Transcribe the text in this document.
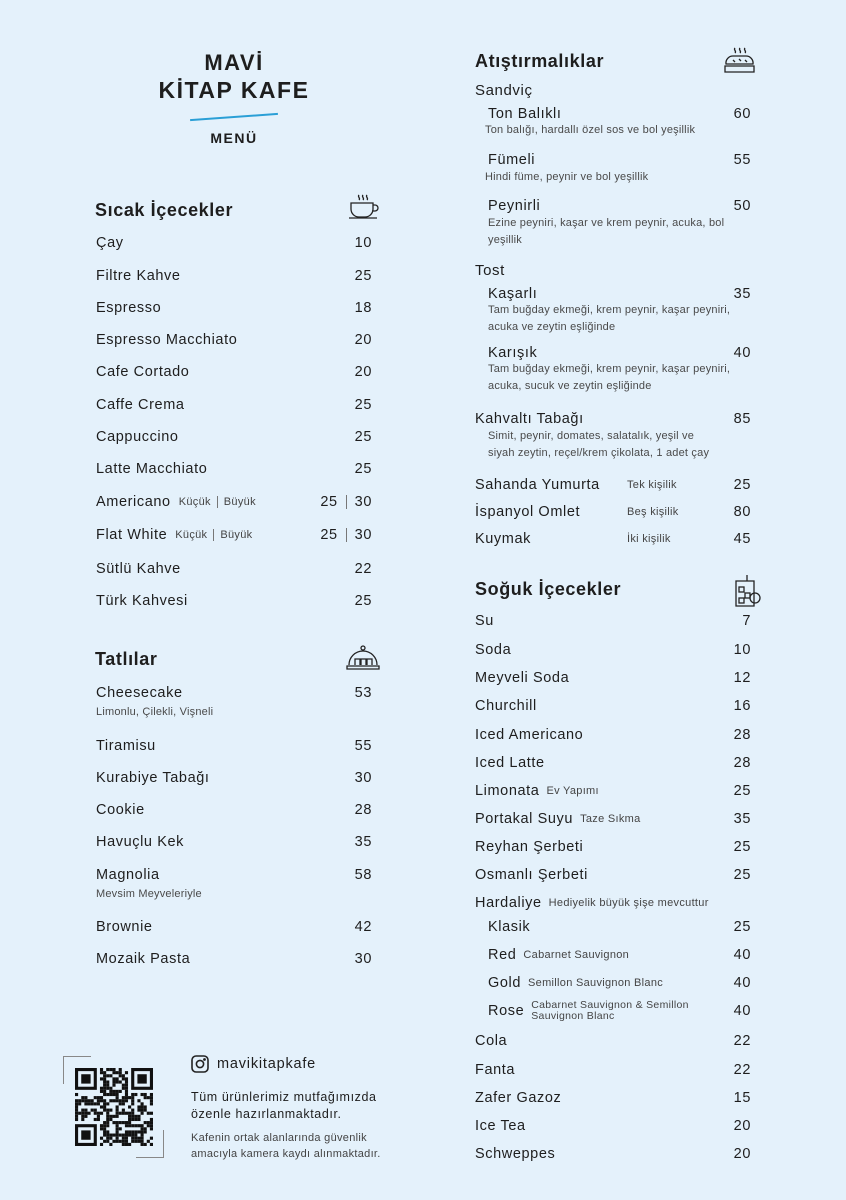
MAVİ
KİTAP KAFE
MENÜ
Sıcak İçecekler
Çay	10
Filtre Kahve	25
Espresso	18
Espresso Macchiato	20
Cafe Cortado	20
Caffe Crema	25
Cappuccino	25
Latte Macchiato	25
Americano Küçük Büyük	25 30
Flat White Küçük Büyük	25 30
Sütlü Kahve	22
Türk Kahvesi	25
Tatlılar
Cheesecake	53
Limonlu, Çilekli, Vişneli
Tiramisu	55
Kurabiye Tabağı	30
Cookie	28
Havuçlu Kek	35
Magnolia	58
Mevsim Meyveleriyle
Brownie	42
Mozaik Pasta	30
Atıştırmalıklar
Sandviç
Tost
Ton Balıklı	60
Fümeli	55
Peynirli	50
Ton balığı, hardallı özel sos ve bol yeşillik
Hindi füme, peynir ve bol yeşillik
Ezine peyniri, kaşar ve krem peynir, acuka, bol yeşillik
Kaşarlı	35
Tam buğday ekmeği, krem peynir, kaşar peyniri, acuka ve zeytin eşliğinde
Karışık	40
Tam buğday ekmeği, krem peynir, kaşar peyniri, acuka, sucuk ve zeytin eşliğinde
Kahvaltı Tabağı	85
Simit, peynir, domates, salatalık, yeşil ve siyah zeytin, reçel/krem çikolata, 1 adet çay
Sahanda Yumurta Tek kişilik	25
İspanyol Omlet	Beş kişilik	80
Kuymak	İki kişilik	45
Soğuk İçecekler
Su	7
Soda	10
Meyveli Soda	12
Churchill	16
Iced Americano	28
Iced Latte	28
Limonata Ev Yapımı	25
Portakal Suyu Taze Sıkma	35
Reyhan Şerbeti	25
Osmanlı Şerbeti	25
Hardaliye Hediyelik büyük şişe mevcuttur
Klasik	25
Red Cabarnet Sauvignon	40
Gold Semillon Sauvignon Blanc	40
Rose Cabarnet Sauvignon & Semillon Sauvignon Blanc	40
Cola	22
Fanta	22
Zafer Gazoz	15
Ice Tea	20
Schweppes	20
mavikitapkafe
Tüm ürünlerimiz mutfağımızda özenle hazırlanmaktadır.
Kafenin ortak alanlarında güvenlik amacıyla kamera kaydı alınmaktadır.
